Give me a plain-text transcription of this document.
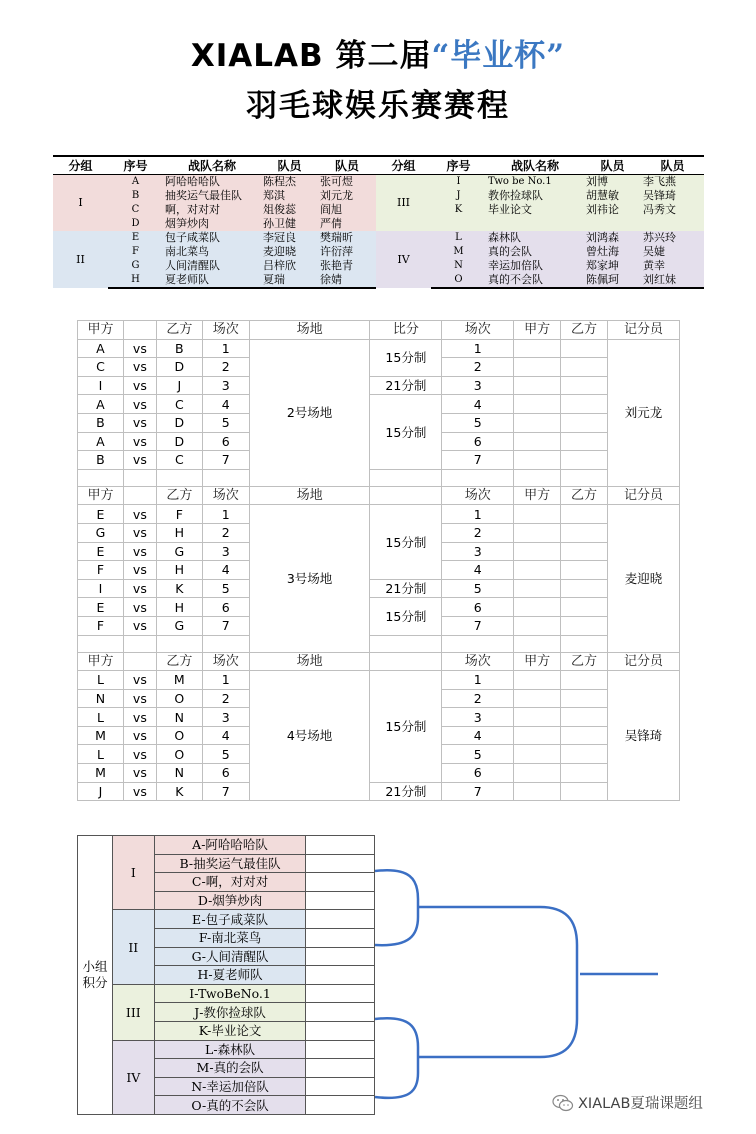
XIALAB 第二届“毕业杯”
羽毛球娱乐赛赛程
分组	序号	战队名称	队员	队员	分组	序号	战队名称	队员	队员
I	A	阿哈哈哈队	陈程杰	张可煜	III	I	Two be No.1	刘博	李飞燕
	B	抽奖运气最佳队	郑淇	刘元龙		J	教你捡球队	胡慧敏	吴锋琦
	C	啊，对对对	俎俊蕊	阎旭		K	毕业论文	刘祎论	冯秀文
	D	烟笋炒肉	孙卫健	严倩					
II	E	包子咸菜队	李冠良	樊瑞昕	IV	L	森林队	刘鸿森	苏兴玲
	F	南北菜鸟	麦迎晓	许衍萍		M	真的会队	曾灶海	吴婕
	G	人间清醒队	吕梓欣	张艳青		N	幸运加倍队	郑家坤	黄幸
	H	夏老师队	夏瑞	徐婧		O	真的不会队	陈佩珂	刘红妹
甲方		乙方	场次	场地	比分	场次	甲方	乙方	记分员
A	vs	B	1	2号场地	15分制	1			刘元龙
C	vs	D	2			2			
I	vs	J	3		21分制	3			
A	vs	C	4		15分制	4			
B	vs	D	5			5			
A	vs	D	6			6			
B	vs	C	7			7			

甲方		乙方	场次	场地		场次	甲方	乙方	记分员
E	vs	F	1	3号场地	15分制	1			麦迎晓
G	vs	H	2			2			
E	vs	G	3			3			
F	vs	H	4			4			
I	vs	K	5		21分制	5			
E	vs	H	6		15分制	6			
F	vs	G	7			7			

甲方		乙方	场次	场地		场次	甲方	乙方	记分员
L	vs	M	1	4号场地	15分制	1			吴锋琦
N	vs	O	2			2			
L	vs	N	3			3			
M	vs	O	4			4			
L	vs	O	5			5			
M	vs	N	6			6			
J	vs	K	7		21分制	7			
小组积分	I	A-阿哈哈哈队	
		B-抽奖运气最佳队	
		C-啊，对对对	
		D-烟笋炒肉	
	II	E-包子咸菜队	
		F-南北菜鸟	
		G-人间清醒队	
		H-夏老师队	
	III	I-TwoBeNo.1	
		J-教你捡球队	
		K-毕业论文	
	IV	L-森林队	
		M-真的会队	
		N-幸运加倍队	
		O-真的不会队		XIALAB夏瑞课题组
